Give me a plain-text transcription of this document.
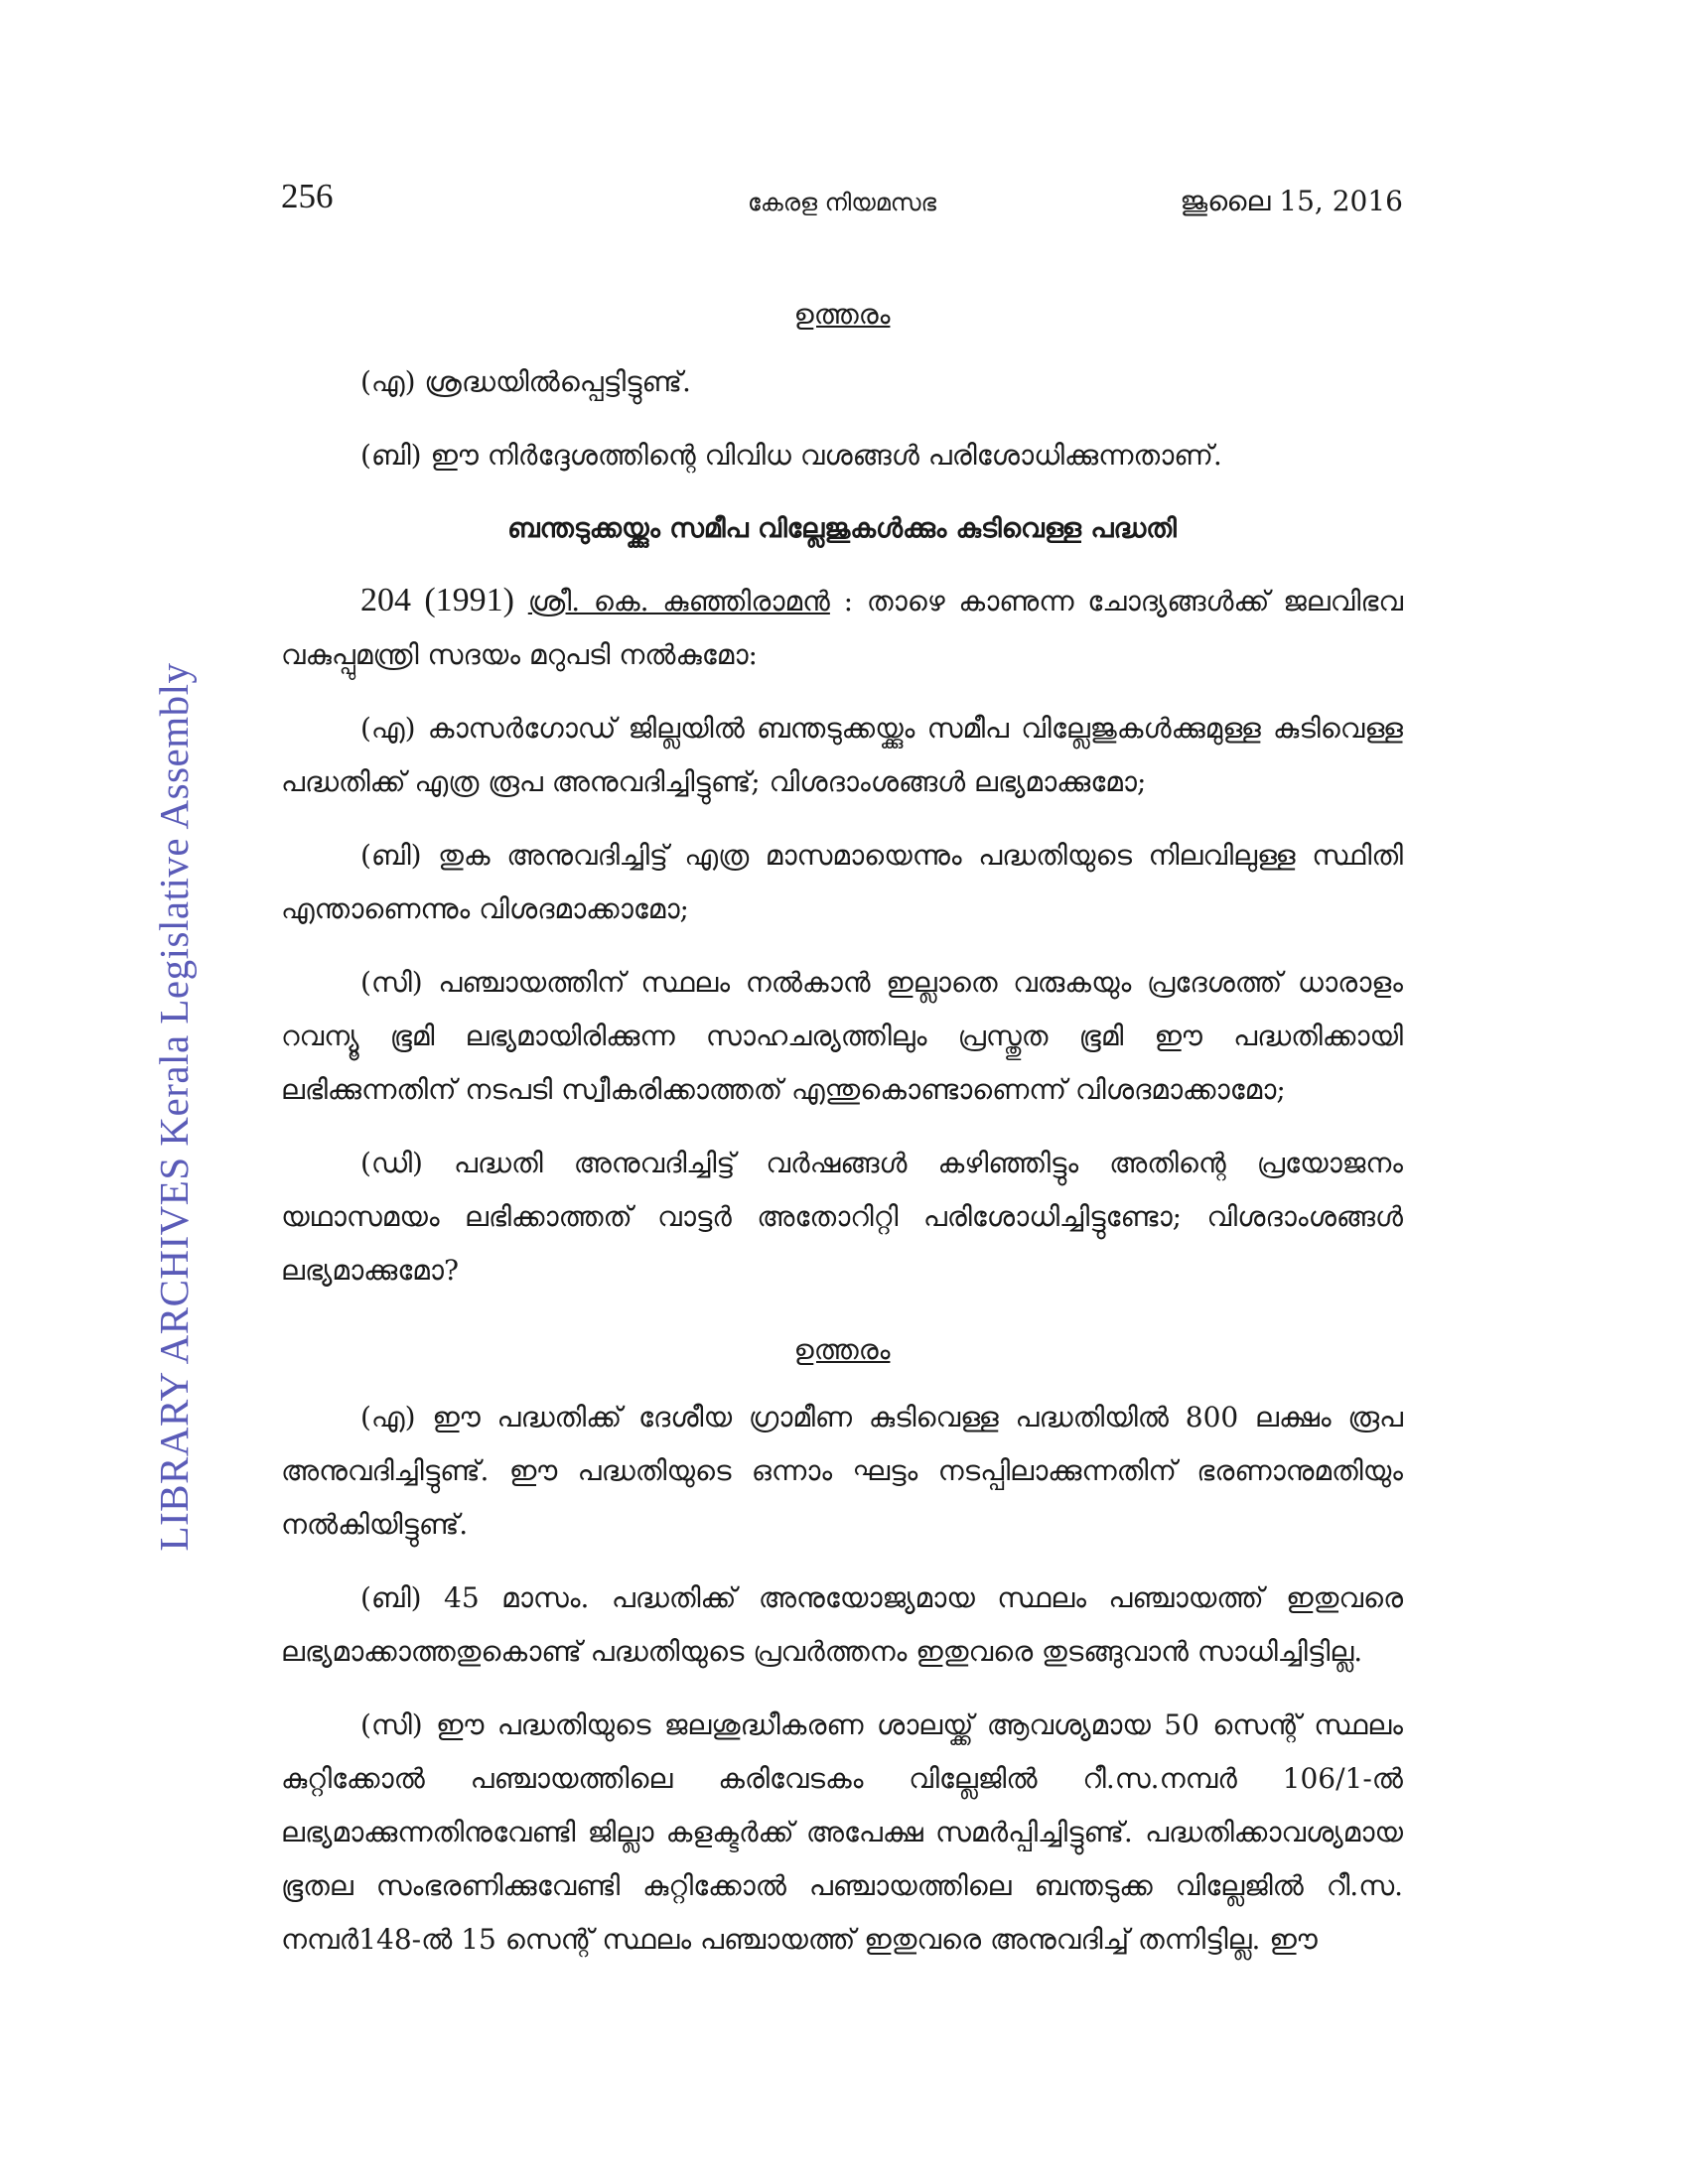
LIBRARY ARCHIVES Kerala Legislative Assembly
256	കേരള നിയമസഭ	ജൂലൈ 15, 2016
ഉത്തരം
(എ) ശ്രദ്ധയിൽപ്പെട്ടിട്ടുണ്ട്.
(ബി) ഈ നിർദ്ദേശത്തിന്റെ വിവിധ വശങ്ങൾ പരിശോധിക്കുന്നതാണ്.
ബന്തടുക്കയ്ക്കും സമീപ വില്ലേജുകൾക്കും കുടിവെള്ള പദ്ധതി

204 (1991) ശ്രീ. കെ. കുഞ്ഞിരാമൻ : താഴെ കാണുന്ന ചോദ്യങ്ങൾക്ക് ജലവിഭവ വകുപ്പുമന്ത്രി സദയം മറുപടി നൽകുമോ:

(എ) കാസർഗോഡ് ജില്ലയിൽ ബന്തടുക്കയ്ക്കും സമീപ വില്ലേജുകൾക്കുമുള്ള കുടിവെള്ള പദ്ധതിക്ക് എത്ര രൂപ അനുവദിച്ചിട്ടുണ്ട്; വിശദാംശങ്ങൾ ലഭ്യമാക്കുമോ;

(ബി) തുക അനുവദിച്ചിട്ട് എത്ര മാസമായെന്നും പദ്ധതിയുടെ നിലവിലുള്ള സ്ഥിതി എന്താണെന്നും വിശദമാക്കാമോ;

(സി) പഞ്ചായത്തിന് സ്ഥലം നൽകാൻ ഇല്ലാതെ വരുകയും പ്രദേശത്ത് ധാരാളം റവന്യൂ ഭൂമി ലഭ്യമായിരിക്കുന്ന സാഹചര്യത്തിലും പ്രസ്തുത ഭൂമി ഈ പദ്ധതിക്കായി ലഭിക്കുന്നതിന് നടപടി സ്വീകരിക്കാത്തത് എന്തുകൊണ്ടാണെന്ന് വിശദമാക്കാമോ;

(ഡി) പദ്ധതി അനുവദിച്ചിട്ട് വർഷങ്ങൾ കഴിഞ്ഞിട്ടും അതിന്റെ പ്രയോജനം യഥാസമയം ലഭിക്കാത്തത് വാട്ടർ അതോറിറ്റി പരിശോധിച്ചിട്ടുണ്ടോ; വിശദാംശങ്ങൾ ലഭ്യമാക്കുമോ?

ഉത്തരം

(എ) ഈ പദ്ധതിക്ക് ദേശീയ ഗ്രാമീണ കുടിവെള്ള പദ്ധതിയിൽ 800 ലക്ഷം രൂപ അനുവദിച്ചിട്ടുണ്ട്. ഈ പദ്ധതിയുടെ ഒന്നാം ഘട്ടം നടപ്പിലാക്കുന്നതിന് ഭരണാനുമതിയും നൽകിയിട്ടുണ്ട്.

(ബി) 45 മാസം. പദ്ധതിക്ക് അനുയോജ്യമായ സ്ഥലം പഞ്ചായത്ത് ഇതുവരെ ലഭ്യമാക്കാത്തതുകൊണ്ട് പദ്ധതിയുടെ പ്രവർത്തനം ഇതുവരെ തുടങ്ങുവാൻ സാധിച്ചിട്ടില്ല.

(സി) ഈ പദ്ധതിയുടെ ജലശുദ്ധീകരണ ശാലയ്ക്ക് ആവശ്യമായ 50 സെന്റ് സ്ഥലം കുറ്റിക്കോൽ പഞ്ചായത്തിലെ കരിവേടകം വില്ലേജിൽ റീ.സ.നമ്പർ 106/1-ൽ ലഭ്യമാക്കുന്നതിനുവേണ്ടി ജില്ലാ കളക്ടർക്ക് അപേക്ഷ സമർപ്പിച്ചിട്ടുണ്ട്. പദ്ധതിക്കാവശ്യമായ ഭൂതല സംഭരണിക്കുവേണ്ടി കുറ്റിക്കോൽ പഞ്ചായത്തിലെ ബന്തടുക്ക വില്ലേജിൽ റീ.സ. നമ്പർ148-ൽ 15 സെന്റ് സ്ഥലം പഞ്ചായത്ത് ഇതുവരെ അനുവദിച്ച് തന്നിട്ടില്ല. ഈ
